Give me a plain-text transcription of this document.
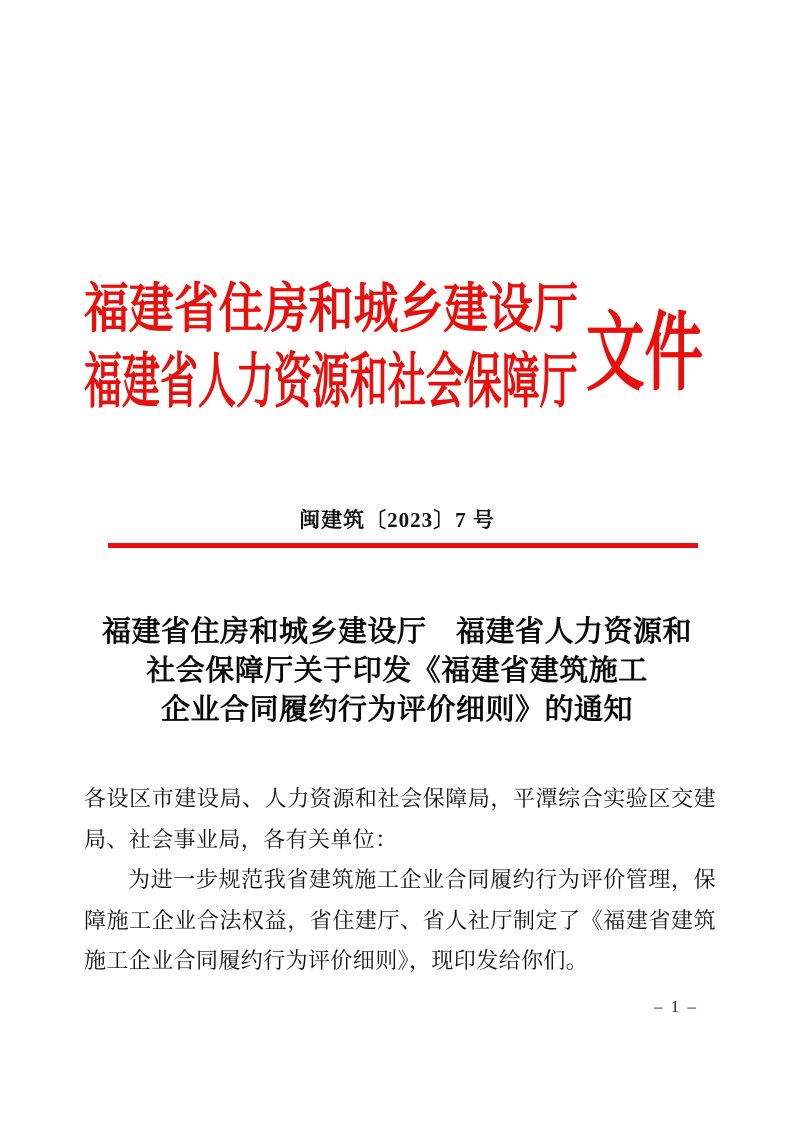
福 建 省 住 房 和 城 乡 建 设 厅
福 建 省 人 力 资 源 和 社 会 保 障 厅 文件
闽建筑〔2023〕7 号
福建省住房和城乡建设厅　福建省人力资源和
社会保障厅关于印发《福建省建筑施工
企业合同履约行为评价细则》的通知

各设区市建设局、人力资源和社会保障局，平潭综合实验区交建局、社会事业局，各有关单位：

为进一步规范我省建筑施工企业合同履约行为评价管理，保障施工企业合法权益，省住建厅、省人社厅制定了《福建省建筑施工企业合同履约行为评价细则》，现印发给你们。

– 1 –
